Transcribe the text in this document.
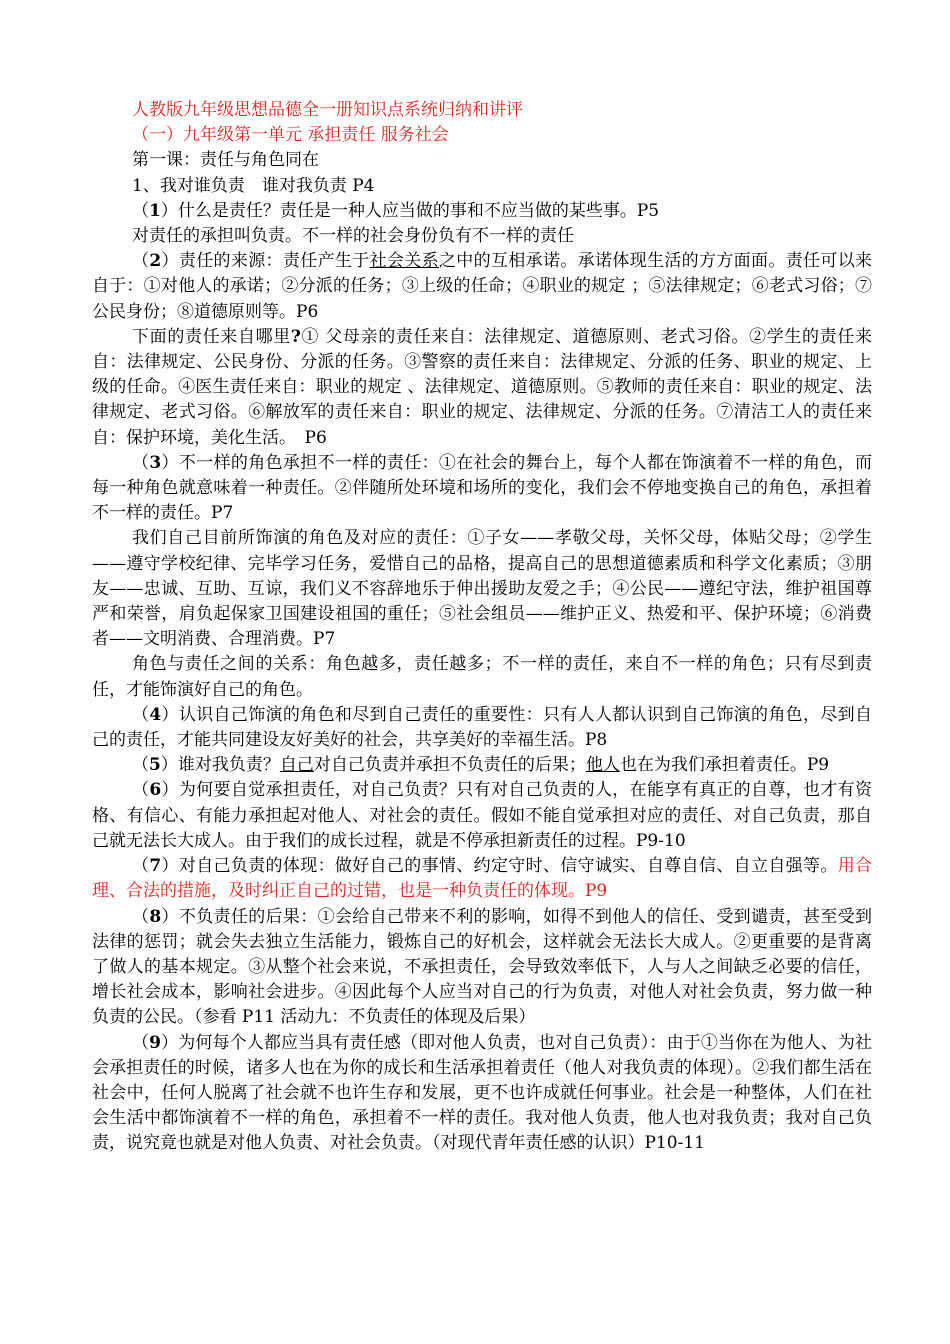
人教版九年级思想品德全一册知识点系统归纳和讲评

（一）九年级第一单元 承担责任 服务社会

第一课：责任与角色同在

1、我对谁负责　谁对我负责 P4

（1）什么是责任？责任是一种人应当做的事和不应当做的某些事。P5

对责任的承担叫负责。不一样的社会身份负有不一样的责任

（2）责任的来源：责任产生于社会关系之中的互相承诺。承诺体现生活的方方面面。责任可以来自于：①对他人的承诺；②分派的任务；③上级的任命；④职业的规定 ；⑤法律规定；⑥老式习俗；⑦公民身份；⑧道德原则等。P6

下面的责任来自哪里?① 父母亲的责任来自：法律规定、道德原则、老式习俗。②学生的责任来自：法律规定、公民身份、分派的任务。③警察的责任来自：法律规定、分派的任务、职业的规定、上级的任命。④医生责任来自：职业的规定 、法律规定、道德原则。⑤教师的责任来自：职业的规定、法律规定、老式习俗。⑥解放军的责任来自：职业的规定、法律规定、分派的任务。⑦清洁工人的责任来自：保护环境，美化生活。　P6

（3）不一样的角色承担不一样的责任：①在社会的舞台上，每个人都在饰演着不一样的角色，而每一种角色就意味着一种责任。②伴随所处环境和场所的变化，我们会不停地变换自己的角色，承担着不一样的责任。P7

我们自己目前所饰演的角色及对应的责任：①子女——孝敬父母，关怀父母，体贴父母；②学生——遵守学校纪律、完毕学习任务，爱惜自己的品格，提高自己的思想道德素质和科学文化素质；③朋友——忠诚、互助、互谅，我们义不容辞地乐于伸出援助友爱之手；④公民——遵纪守法，维护祖国尊严和荣誉，肩负起保家卫国建设祖国的重任；⑤社会组员——维护正义、热爱和平、保护环境；⑥消费者——文明消费、合理消费。P7

角色与责任之间的关系：角色越多，责任越多；不一样的责任，来自不一样的角色；只有尽到责任，才能饰演好自己的角色。

（4）认识自己饰演的角色和尽到自己责任的重要性：只有人人都认识到自己饰演的角色，尽到自己的责任，才能共同建设友好美好的社会，共享美好的幸福生活。P8

（5）谁对我负责？自己对自己负责并承担不负责任的后果；他人也在为我们承担着责任。P9

（6）为何要自觉承担责任，对自己负责？只有对自己负责的人，在能享有真正的自尊，也才有资格、有信心、有能力承担起对他人、对社会的责任。假如不能自觉承担对应的责任、对自己负责，那自己就无法长大成人。由于我们的成长过程，就是不停承担新责任的过程。P9-10

（7）对自己负责的体现：做好自己的事情、约定守时、信守诚实、自尊自信、自立自强等。用合理、合法的措施，及时纠正自己的过错，也是一种负责任的体现。P9

（8）不负责任的后果：①会给自己带来不利的影响，如得不到他人的信任、受到谴责，甚至受到法律的惩罚；就会失去独立生活能力，锻炼自己的好机会，这样就会无法长大成人。②更重要的是背离了做人的基本规定。③从整个社会来说，不承担责任，会导致效率低下，人与人之间缺乏必要的信任，增长社会成本，影响社会进步。④因此每个人应当对自己的行为负责，对他人对社会负责，努力做一种负责的公民。（参看 P11 活动九：不负责任的体现及后果）

（9）为何每个人都应当具有责任感（即对他人负责，也对自己负责）：由于①当你在为他人、为社会承担责任的时候，诸多人也在为你的成长和生活承担着责任（他人对我负责的体现）。②我们都生活在社会中，任何人脱离了社会就不也许生存和发展，更不也许成就任何事业。社会是一种整体，人们在社会生活中都饰演着不一样的角色，承担着不一样的责任。我对他人负责，他人也对我负责；我对自己负责，说究竟也就是对他人负责、对社会负责。（对现代青年责任感的认识）P10-11
